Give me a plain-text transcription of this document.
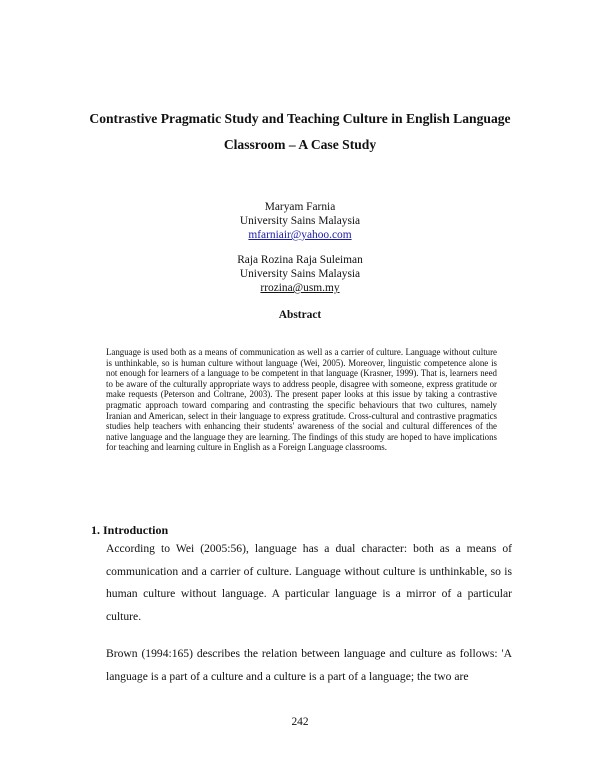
Contrastive Pragmatic Study and Teaching Culture in English Language
Classroom – A Case Study
Maryam Farnia
University Sains Malaysia
mfarniair@yahoo.com
Raja Rozina Raja Suleiman
University Sains Malaysia
rrozina@usm.my
Abstract

Language is used both as a means of communication as well as a carrier of culture. Language without culture is unthinkable, so is human culture without language (Wei, 2005). Moreover, linguistic competence alone is not enough for learners of a language to be competent in that language (Krasner, 1999). That is, learners need to be aware of the culturally appropriate ways to address people, disagree with someone, express gratitude or make requests (Peterson and Coltrane, 2003). The present paper looks at this issue by taking a contrastive pragmatic approach toward comparing and contrasting the specific behaviours that two cultures, namely Iranian and American, select in their language to express gratitude. Cross-cultural and contrastive pragmatics studies help teachers with enhancing their students' awareness of the social and cultural differences of the native language and the language they are learning. The findings of this study are hoped to have implications for teaching and learning culture in English as a Foreign Language classrooms.

1. Introduction

According to Wei (2005:56), language has a dual character: both as a means of communication and a carrier of culture. Language without culture is unthinkable, so is human culture without language. A particular language is a mirror of a particular culture.

Brown (1994:165) describes the relation between language and culture as follows: 'A language is a part of a culture and a culture is a part of a language; the two are

242
